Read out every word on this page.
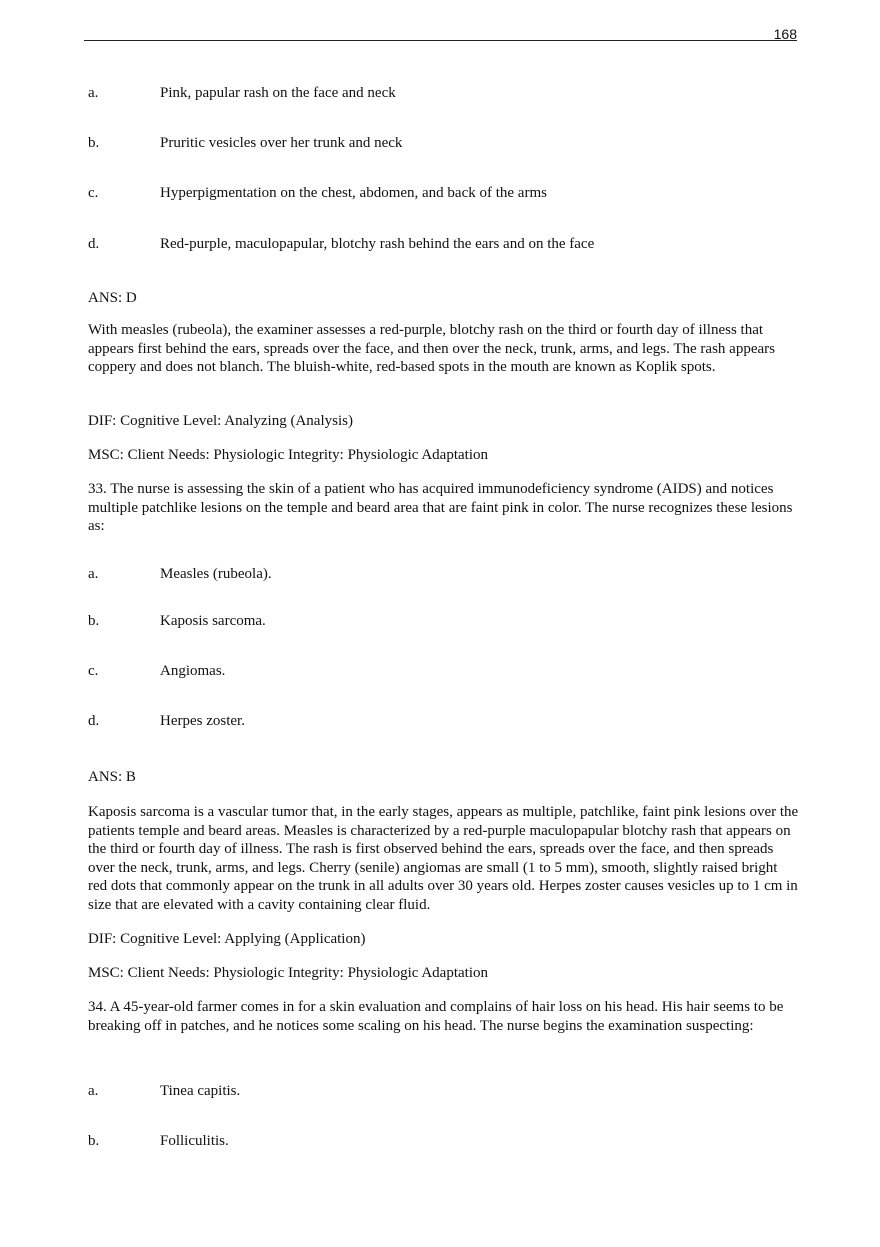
168
a.	Pink, papular rash on the face and neck
b.	Pruritic vesicles over her trunk and neck
c.	Hyperpigmentation on the chest, abdomen, and back of the arms
d.	Red-purple, maculopapular, blotchy rash behind the ears and on the face
ANS: D
With measles (rubeola), the examiner assesses a red-purple, blotchy rash on the third or fourth day of illness that appears first behind the ears, spreads over the face, and then over the neck, trunk, arms, and legs. The rash appears coppery and does not blanch. The bluish-white, red-based spots in the mouth are known as Koplik spots.
DIF: Cognitive Level: Analyzing (Analysis)
MSC: Client Needs: Physiologic Integrity: Physiologic Adaptation
33. The nurse is assessing the skin of a patient who has acquired immunodeficiency syndrome (AIDS) and notices multiple patchlike lesions on the temple and beard area that are faint pink in color. The nurse recognizes these lesions as:
a.	Measles (rubeola).
b.	Kaposis sarcoma.
c.	Angiomas.
d.	Herpes zoster.
ANS: B
Kaposis sarcoma is a vascular tumor that, in the early stages, appears as multiple, patchlike, faint pink lesions over the patients temple and beard areas. Measles is characterized by a red-purple maculopapular blotchy rash that appears on the third or fourth day of illness. The rash is first observed behind the ears, spreads over the face, and then spreads over the neck, trunk, arms, and legs. Cherry (senile) angiomas are small (1 to 5 mm), smooth, slightly raised bright red dots that commonly appear on the trunk in all adults over 30 years old. Herpes zoster causes vesicles up to 1 cm in size that are elevated with a cavity containing clear fluid.
DIF: Cognitive Level: Applying (Application)
MSC: Client Needs: Physiologic Integrity: Physiologic Adaptation
34. A 45-year-old farmer comes in for a skin evaluation and complains of hair loss on his head. His hair seems to be breaking off in patches, and he notices some scaling on his head. The nurse begins the examination suspecting:
a.	Tinea capitis.
b.	Folliculitis.
